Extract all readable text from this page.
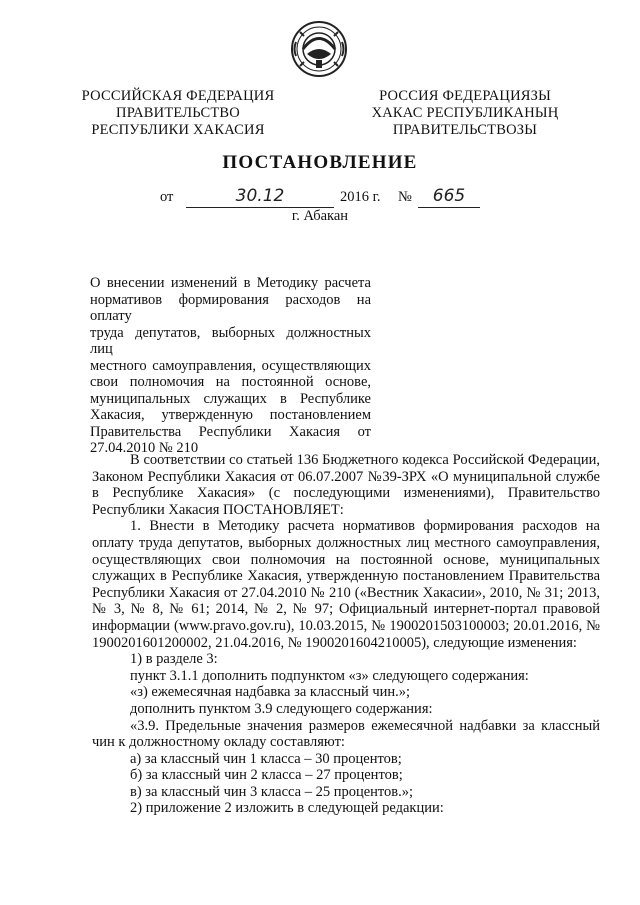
РОССИЙСКАЯ ФЕДЕРАЦИЯ
ПРАВИТЕЛЬСТВО
РЕСПУБЛИКИ ХАКАСИЯ
РОССИЯ ФЕДЕРАЦИЯЗЫ
ХАКАС РЕСПУБЛИКАНЫҢ
ПРАВИТЕЛЬСТВОЗЫ
ПОСТАНОВЛЕНИЕ
от	30.12	2016 г. №	665
г. Абакан

О внесении изменений в Методику расчета

нормативов формирования расходов на оплату

труда депутатов, выборных должностных лиц

местного самоуправления, осуществляющих

свои полномочия на постоянной основе,

муниципальных служащих в Республике

Хакасия, утвержденную постановлением

Правительства Республики Хакасия от

27.04.2010 № 210

В соответствии со статьей 136 Бюджетного кодекса Российской Федерации, Законом Республики Хакасия от 06.07.2007 №39-ЗРХ «О муниципальной службе в Республике Хакасия» (с последующими изменениями), Правительство Республики Хакасия ПОСТАНОВЛЯЕТ:

1. Внести в Методику расчета нормативов формирования расходов на оплату труда депутатов, выборных должностных лиц местного самоуправления, осуществляющих свои полномочия на постоянной основе, муниципальных служащих в Республике Хакасия, утвержденную постановлением Правительства Республики Хакасия от 27.04.2010 № 210 («Вестник Хакасии», 2010, № 31; 2013, № 3, № 8, № 61; 2014, № 2, № 97; Официальный интернет-портал правовой информации (www.pravo.gov.ru), 10.03.2015, № 1900201503100003; 20.01.2016, № 1900201601200002, 21.04.2016, № 1900201604210005), следующие изменения:

1) в разделе 3:

пункт 3.1.1 дополнить подпунктом «з» следующего содержания:

«з) ежемесячная надбавка за классный чин.»;

дополнить пунктом 3.9 следующего содержания:

«3.9. Предельные значения размеров ежемесячной надбавки за классный чин к должностному окладу составляют:

а) за классный чин 1 класса – 30 процентов;

б) за классный чин 2 класса – 27 процентов;

в) за классный чин 3 класса – 25 процентов.»;

2) приложение 2 изложить в следующей редакции:
